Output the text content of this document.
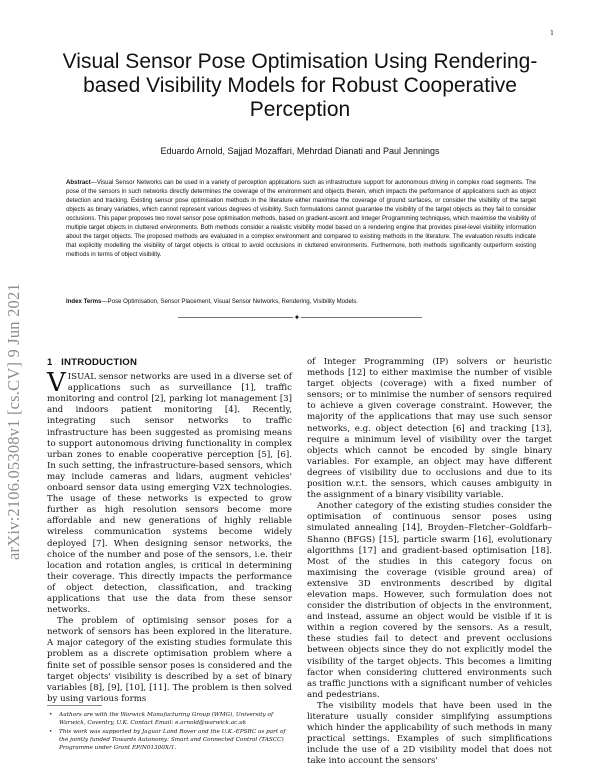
1
arXiv:2106.05308v1 [cs.CV] 9 Jun 2021
Visual Sensor Pose Optimisation Using Rendering-based Visibility Models for Robust Cooperative Perception
Eduardo Arnold, Sajjad Mozaffari, Mehrdad Dianati and Paul Jennings

Abstract—Visual Sensor Networks can be used in a variety of perception applications such as infrastructure support for autonomous driving in complex road segments. The pose of the sensors in such networks directly determines the coverage of the environment and objects therein, which impacts the performance of applications such as object detection and tracking. Existing sensor pose optimisation methods in the literature either maximise the coverage of ground surfaces, or consider the visibility of the target objects as binary variables, which cannot represent various degrees of visibility. Such formulations cannot guarantee the visibility of the target objects as they fail to consider occlusions. This paper proposes two novel sensor pose optimisation methods, based on gradient-ascent and Integer Programming techniques, which maximise the visibility of multiple target objects in cluttered environments. Both methods consider a realistic visibility model based on a rendering engine that provides pixel-level visibility information about the target objects. The proposed methods are evaluated in a complex environment and compared to existing methods in the literature. The evaluation results indicate that explicitly modelling the visibility of target objects is critical to avoid occlusions in cluttered environments. Furthermore, both methods significantly outperform existing methods in terms of object visibility.

Index Terms—Pose Optimisation, Sensor Placement, Visual Sensor Networks, Rendering, Visibility Models.

✦
1 INTRODUCTION

VISUAL sensor networks are used in a diverse set of applications such as surveillance [1], traffic monitoring and control [2], parking lot management [3] and indoors patient monitoring [4]. Recently, integrating such sensor networks to traffic infrastructure has been suggested as promising means to support autonomous driving functionality in complex urban zones to enable cooperative perception [5], [6]. In such setting, the infrastructure-based sensors, which may include cameras and lidars, augment vehicles' onboard sensor data using emerging V2X technologies. The usage of these networks is expected to grow further as high resolution sensors become more affordable and new generations of highly reliable wireless communication systems become widely deployed [7]. When designing sensor networks, the choice of the number and pose of the sensors, i.e. their location and rotation angles, is critical in determining their coverage. This directly impacts the performance of object detection, classification, and tracking applications that use the data from these sensor networks.

The problem of optimising sensor poses for a network of sensors has been explored in the literature. A major category of the existing studies formulate this problem as a discrete optimisation problem where a finite set of possible sensor poses is considered and the target objects' visibility is described by a set of binary variables [8], [9], [10], [11]. The problem is then solved by using various forms

of Integer Programming (IP) solvers or heuristic methods [12] to either maximise the number of visible target objects (coverage) with a fixed number of sensors; or to minimise the number of sensors required to achieve a given coverage constraint. However, the majority of the applications that may use such sensor networks, e.g. object detection [6] and tracking [13], require a minimum level of visibility over the target objects which cannot be encoded by single binary variables. For example, an object may have different degrees of visibility due to occlusions and due to its position w.r.t. the sensors, which causes ambiguity in the assignment of a binary visibility variable.

Another category of the existing studies consider the optimisation of continuous sensor poses using simulated annealing [14], Broyden–Fletcher–Goldfarb–Shanno (BFGS) [15], particle swarm [16], evolutionary algorithms [17] and gradient-based optimisation [18]. Most of the studies in this category focus on maximising the coverage (visible ground area) of extensive 3D environments described by digital elevation maps. However, such formulation does not consider the distribution of objects in the environment, and instead, assume an object would be visible if it is within a region covered by the sensors. As a result, these studies fail to detect and prevent occlusions between objects since they do not explicitly model the visibility of the target objects. This becomes a limiting factor when considering cluttered environments such as traffic junctions with a significant number of vehicles and pedestrians.

The visibility models that have been used in the literature usually consider simplifying assumptions which hinder the applicability of such methods in many practical settings. Examples of such simplifications include the use of a 2D visibility model that does not take into account the sensors'

• Authors are with the Warwick Manufacturing Group (WMG), University of Warwick, Coventry, U.K. Contact Email: e.arnold@warwick.ac.uk
• This work was supported by Jaguar Land Rover and the U.K.-EPSRC as part of the jointly funded Towards Autonomy: Smart and Connected Control (TASCC) Programme under Grant EP/N01300X/1.
